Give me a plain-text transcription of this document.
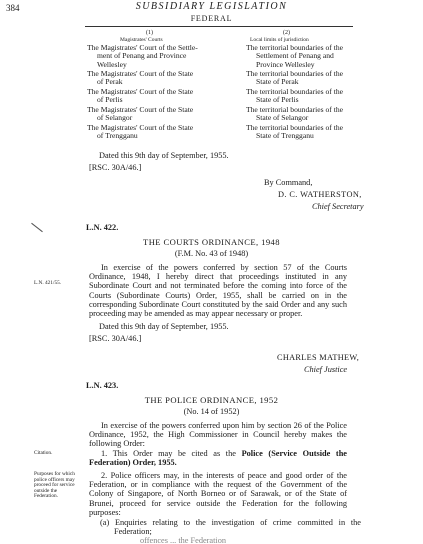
384	SUBSIDIARY LEGISLATION
FEDERAL
(1)
Magistrates' Courts
(2)
Local limits of jurisdiction
The Magistrates' Court of the Settle-
ment of Penang and Province
Wellesley
The territorial boundaries of the
Settlement of Penang and
Province Wellesley
The Magistrates' Court of the State
of Perak
The territorial boundaries of the
State of Perak
The Magistrates' Court of the State
of Perlis
The territorial boundaries of the
State of Perlis
The Magistrates' Court of the State
of Selangor
The territorial boundaries of the
State of Selangor
The Magistrates' Court of the State
of Trengganu
The territorial boundaries of the
State of Trengganu
Dated this 9th day of September, 1955.
[RSC. 30A/46.]
By Command,
D. C. WATHERSTON,
Chief Secretary
L.N. 422.
THE COURTS ORDINANCE, 1948
(F.M. No. 43 of 1948)
L.N. 421/55.
In exercise of the powers conferred by section 57 of the Courts Ordinance, 1948, I hereby direct that proceedings instituted in any Subordinate Court and not terminated before the coming into force of the Courts (Subordinate Courts) Order, 1955, shall be carried on in the corresponding Subordinate Court constituted by the said Order and any such proceeding may be amended as may appear necessary or proper.
Dated this 9th day of September, 1955.
[RSC. 30A/46.]
CHARLES MATHEW,
Chief Justice
L.N. 423.
THE POLICE ORDINANCE, 1952
(No. 14 of 1952)
In exercise of the powers conferred upon him by section 26 of the Police Ordinance, 1952, the High Commissioner in Council hereby makes the following Order:
Citation.	1. This Order may be cited as the Police (Service Outside the Federation) Order, 1955.
Purposes for which police officers may proceed for service outside the Federation.
2. Police officers may, in the interests of peace and good order of the Federation, or in compliance with the request of the Government of the Colony of Singapore, of North Borneo or of Sarawak, or of the State of Brunei, proceed for service outside the Federation for the following purposes:
(a) Enquiries relating to the investigation of crime committed in the Federation;
offences ... the Federation
